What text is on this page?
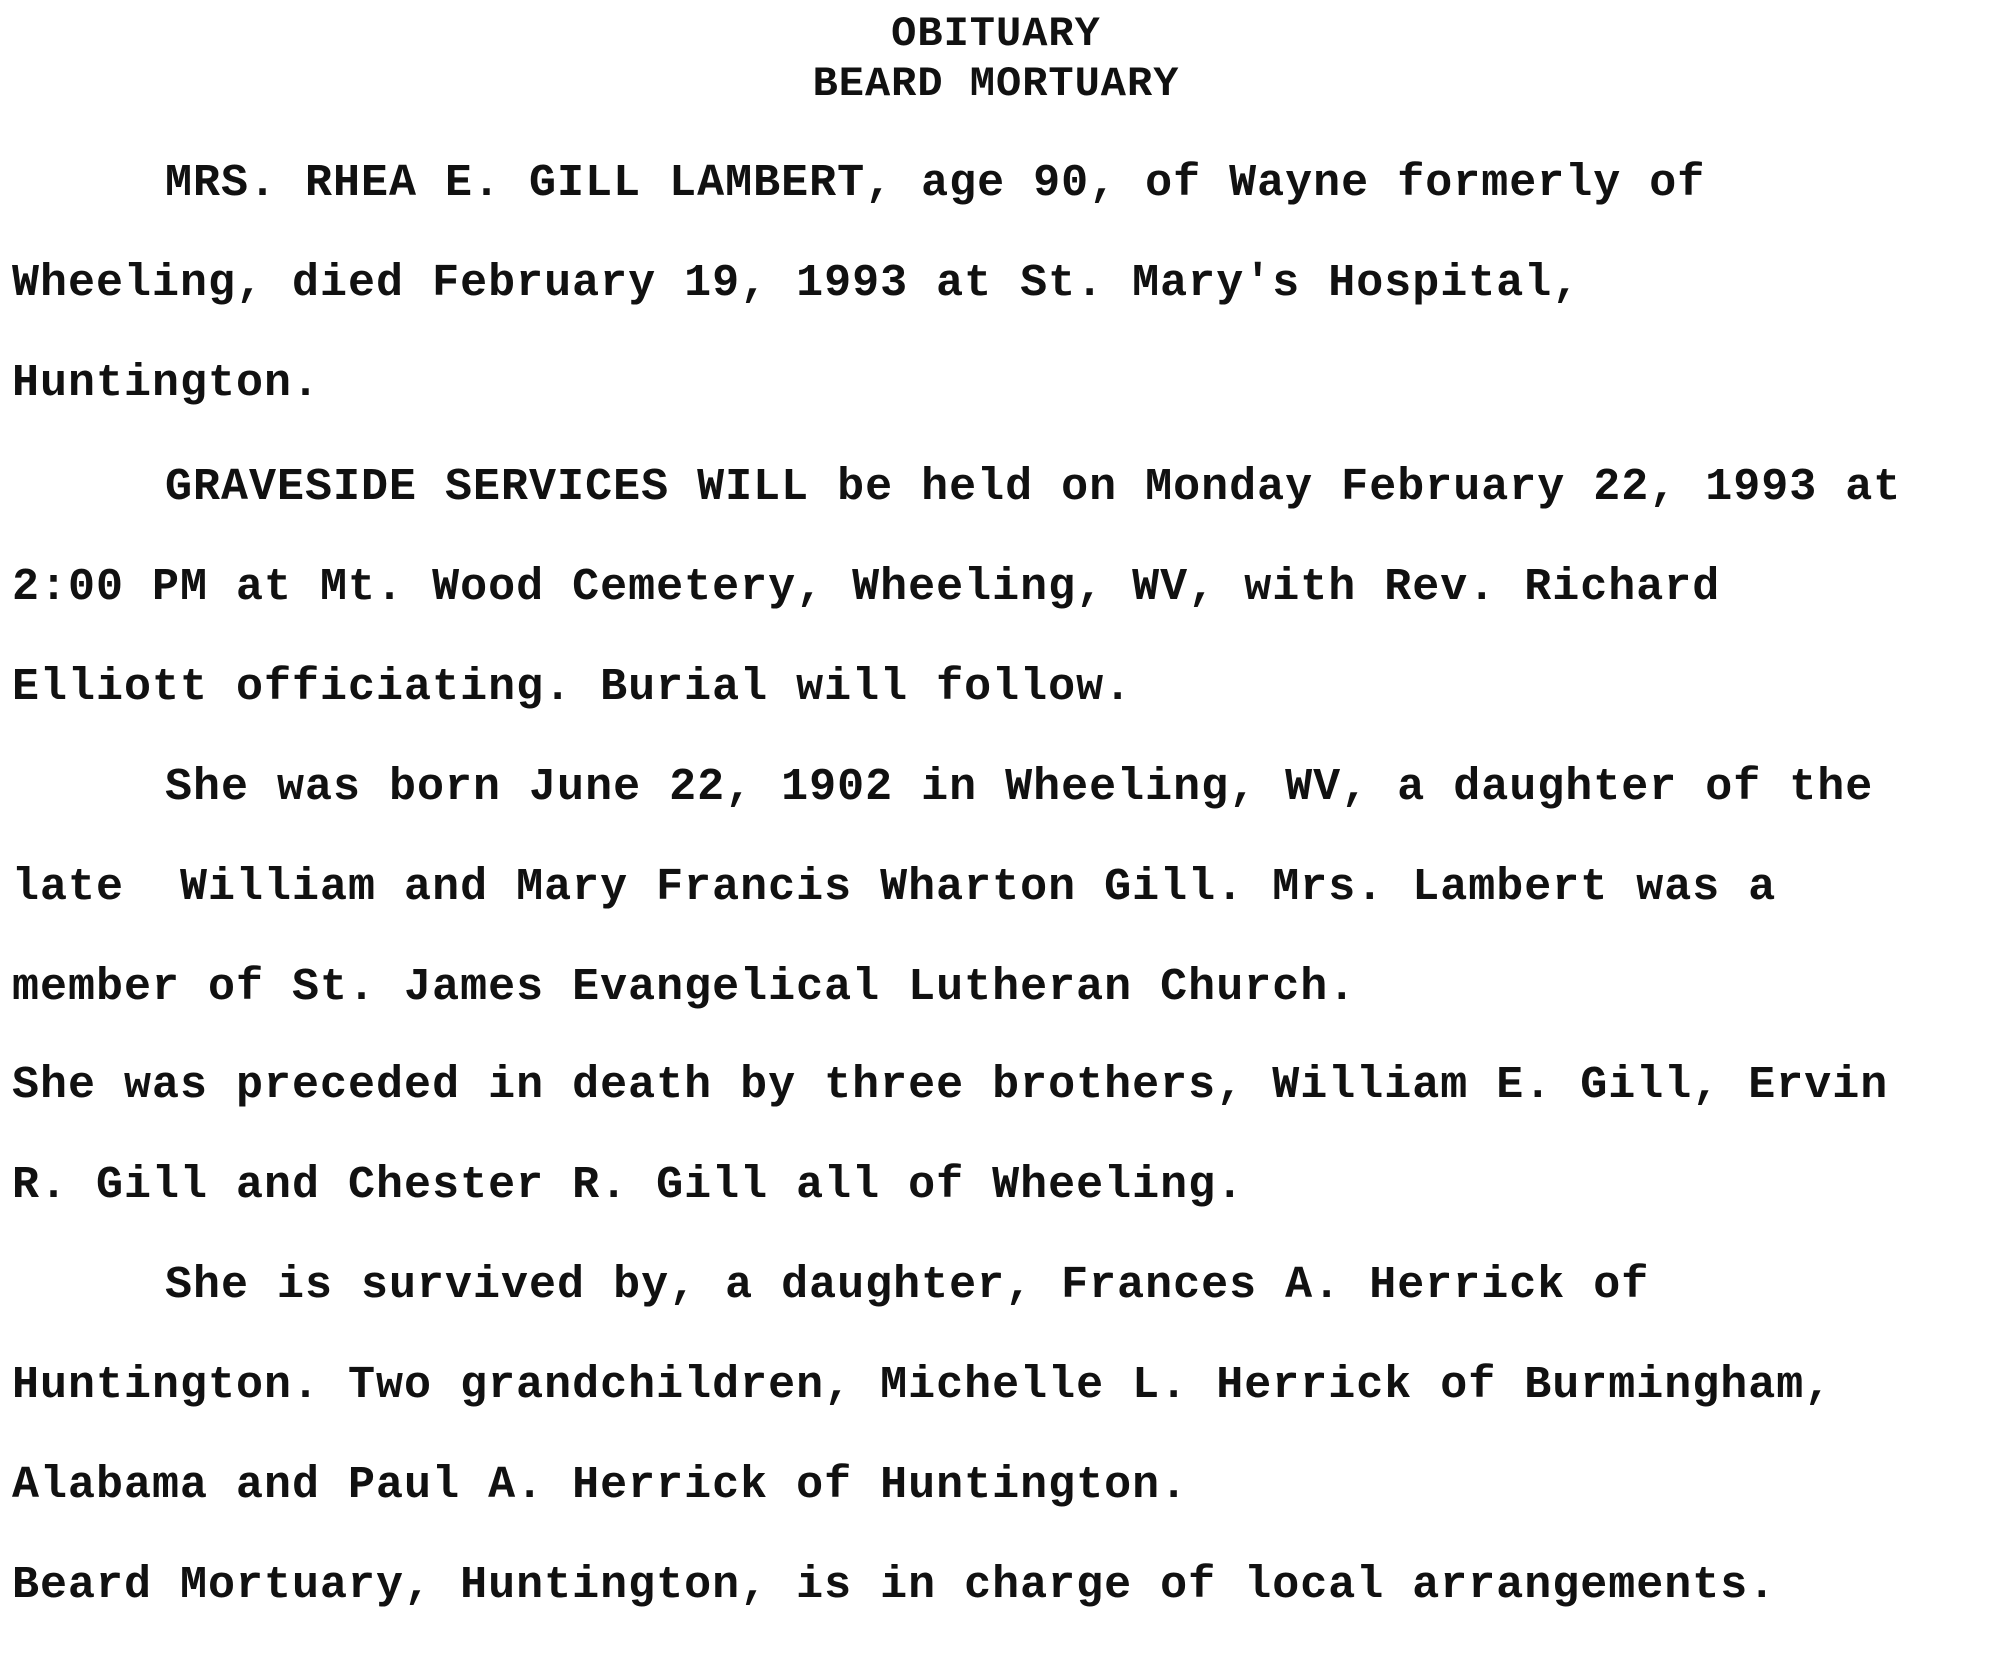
OBITUARY
BEARD MORTUARY
MRS. RHEA E. GILL LAMBERT, age 90, of Wayne formerly of
Wheeling, died February 19, 1993 at St. Mary's Hospital,
Huntington.
GRAVESIDE SERVICES WILL be held on Monday February 22, 1993 at
2:00 PM at Mt. Wood Cemetery, Wheeling, WV, with Rev. Richard
Elliott officiating. Burial will follow.
She was born June 22, 1902 in Wheeling, WV, a daughter of the
late  William and Mary Francis Wharton Gill. Mrs. Lambert was a
member of St. James Evangelical Lutheran Church.
She was preceded in death by three brothers, William E. Gill, Ervin
R. Gill and Chester R. Gill all of Wheeling.
She is survived by, a daughter, Frances A. Herrick of
Huntington. Two grandchildren, Michelle L. Herrick of Burmingham,
Alabama and Paul A. Herrick of Huntington.
Beard Mortuary, Huntington, is in charge of local arrangements.
